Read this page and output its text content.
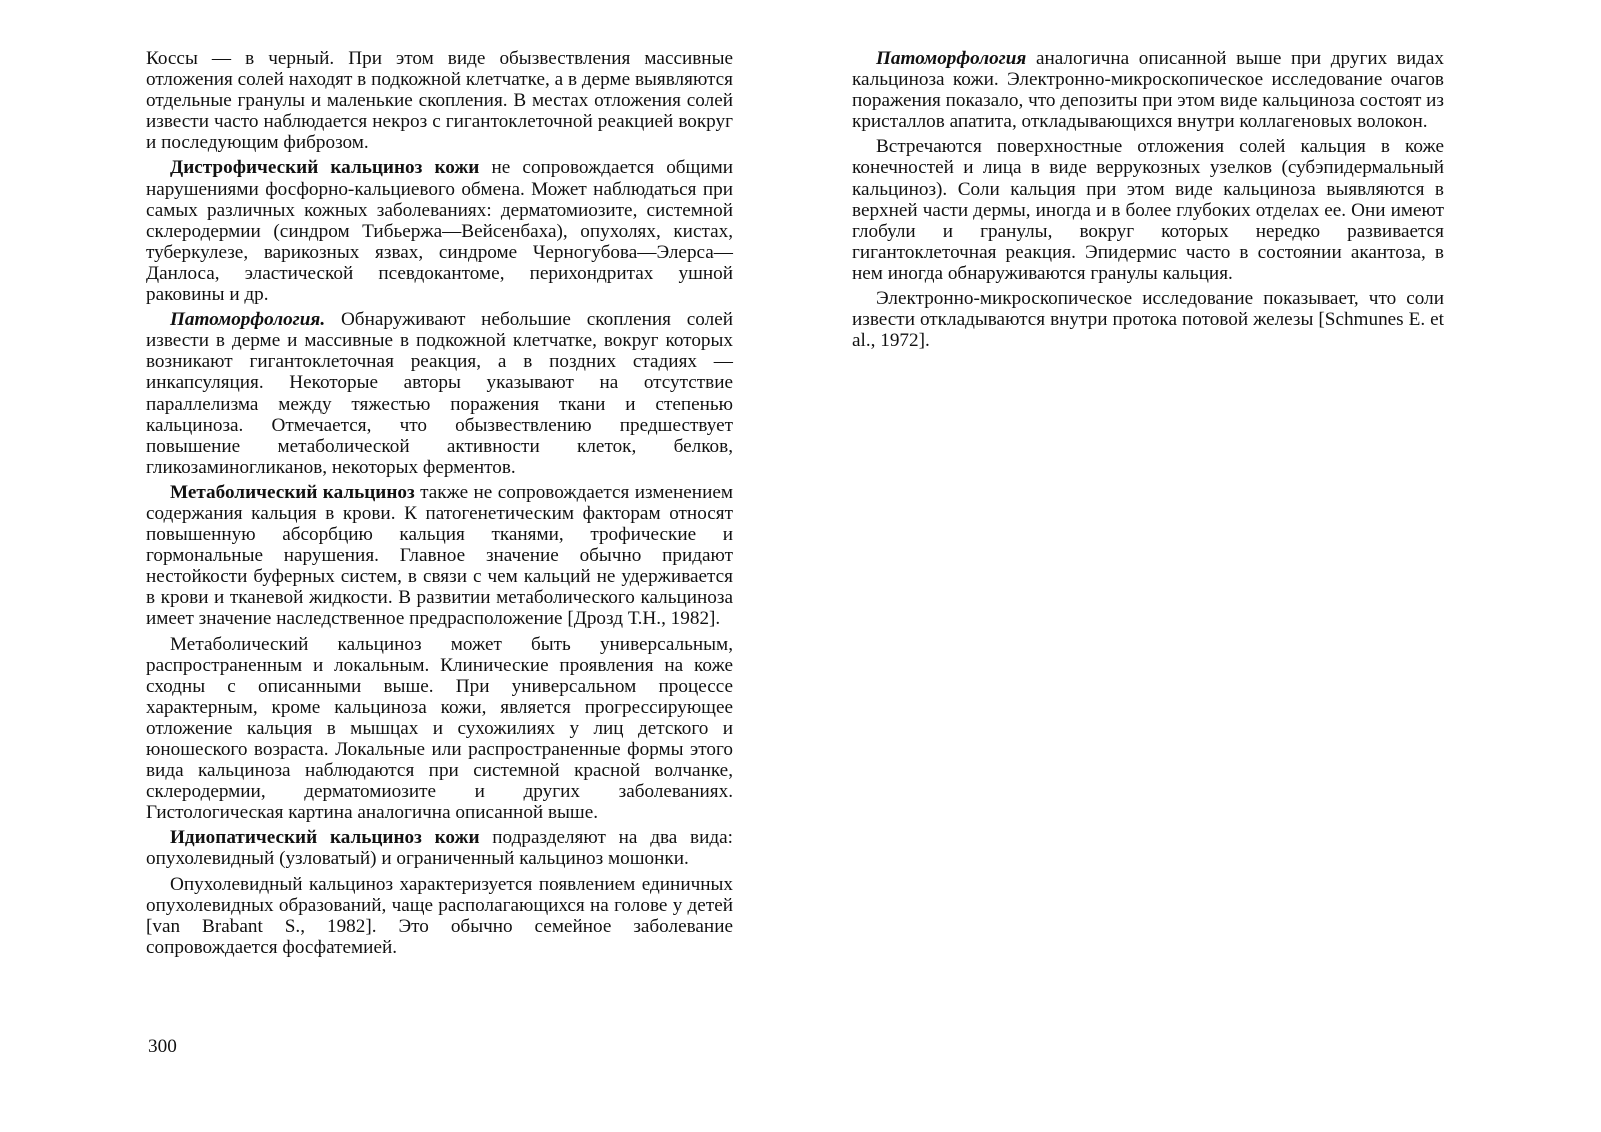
Коссы — в черный. При этом виде обызвествления массивные отложения солей находят в подкожной клетчатке, а в дерме выявляются отдельные гранулы и маленькие скопления. В местах отложения солей извести часто наблюдается некроз с гигантоклеточной реакцией вокруг и последующим фиброзом.

Дистрофический кальциноз кожи не сопровождается общими нарушениями фосфорно-кальциевого обмена. Может наблюдаться при самых различных кожных заболеваниях: дерматомиозите, системной склеродермии (синдром Тибьержа—Вейсенбаха), опухолях, кистах, туберкулезе, варикозных язвах, синдроме Черногубова—Элерса—Данлоса, эластической псевдокантоме, перихондритах ушной раковины и др.

Патоморфология. Обнаруживают небольшие скопления солей извести в дерме и массивные в подкожной клетчатке, вокруг которых возникают гигантоклеточная реакция, а в поздних стадиях — инкапсуляция. Некоторые авторы указывают на отсутствие параллелизма между тяжестью поражения ткани и степенью кальциноза. Отмечается, что обызвествлению предшествует повышение метаболической активности клеток, белков, гликозаминогликанов, некоторых ферментов.

Метаболический кальциноз также не сопровождается изменением содержания кальция в крови. К патогенетическим факторам относят повышенную абсорбцию кальция тканями, трофические и гормональные нарушения. Главное значение обычно придают нестойкости буферных систем, в связи с чем кальций не удерживается в крови и тканевой жидкости. В развитии метаболического кальциноза имеет значение наследственное предрасположение [Дрозд Т.Н., 1982].

Метаболический кальциноз может быть универсальным, распространенным и локальным. Клинические проявления на коже сходны с описанными выше. При универсальном процессе характерным, кроме кальциноза кожи, является прогрессирующее отложение кальция в мышцах и сухожилиях у лиц детского и юношеского возраста. Локальные или распространенные формы этого вида кальциноза наблюдаются при системной красной волчанке, склеродермии, дерматомиозите и других заболеваниях. Гистологическая картина аналогична описанной выше.

Идиопатический кальциноз кожи подразделяют на два вида: опухолевидный (узловатый) и ограниченный кальциноз мошонки.

Опухолевидный кальциноз характеризуется появлением единичных опухолевидных образований, чаще располагающихся на голове у детей [van Brabant S., 1982]. Это обычно семейное заболевание сопровождается фосфатемией.

300

Патоморфология аналогична описанной выше при других видах кальциноза кожи. Электронно-микроскопическое исследование очагов поражения показало, что депозиты при этом виде кальциноза состоят из кристаллов апатита, откладывающихся внутри коллагеновых волокон.

Встречаются поверхностные отложения солей кальция в коже конечностей и лица в виде веррукозных узелков (субэпидермальный кальциноз). Соли кальция при этом виде кальциноза выявляются в верхней части дермы, иногда и в более глубоких отделах ее. Они имеют глобули и гранулы, вокруг которых нередко развивается гигантоклеточная реакция. Эпидермис часто в состоянии акантоза, в нем иногда обнаруживаются гранулы кальция.

Электронно-микроскопическое исследование показывает, что соли извести откладываются внутри протока потовой железы [Schmunes E. et al., 1972].
